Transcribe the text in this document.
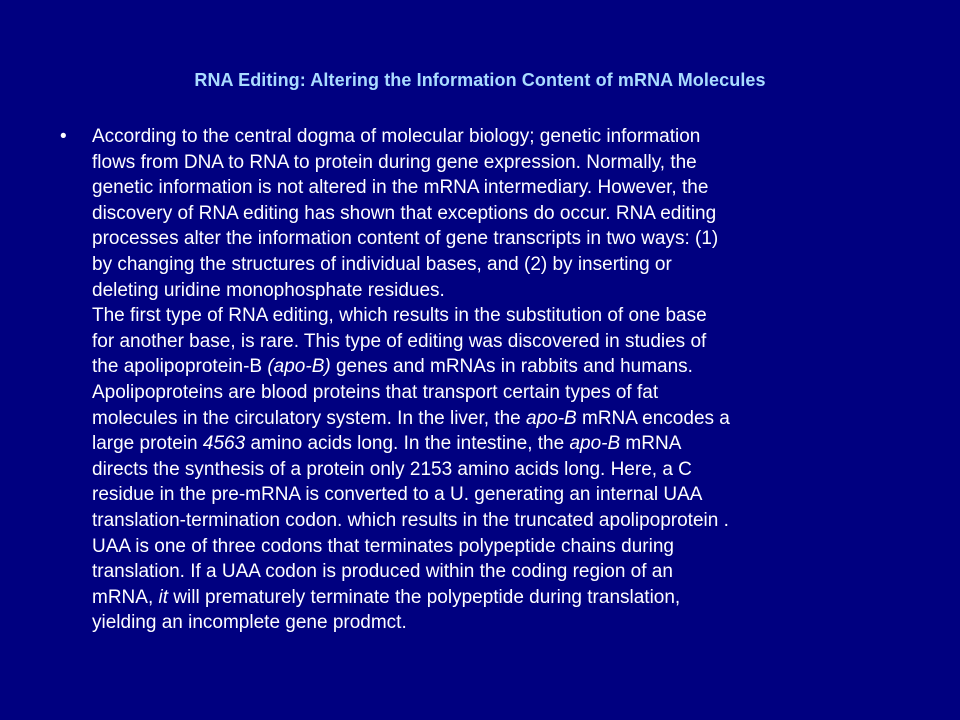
RNA Editing: Altering the Information Content of mRNA Molecules
• According to the central dogma of molecular biology; genetic information
flows from DNA to RNA to protein during gene expression. Normally, the
genetic information is not altered in the mRNA intermediary. However, the
discovery of RNA editing has shown that exceptions do occur. RNA editing
processes alter the information content of gene transcripts in two ways: (1)
by changing the structures of individual bases, and (2) by inserting or
deleting uridine monophosphate residues.
The first type of RNA editing, which results in the substitution of one base
for another base, is rare. This type of editing was discovered in studies of
the apolipoprotein-B (apo-B) genes and mRNAs in rabbits and humans.
Apolipoproteins are blood proteins that transport certain types of fat
molecules in the circulatory system. In the liver, the apo-B mRNA encodes a
large protein 4563 amino acids long. In the intestine, the apo-B mRNA
directs the synthesis of a protein only 2153 amino acids long. Here, a C
residue in the pre-mRNA is converted to a U. generating an internal UAA
translation-termination codon. which results in the truncated apolipoprotein .
UAA is one of three codons that terminates polypeptide chains during
translation. If a UAA codon is produced within the coding region of an
mRNA, it will prematurely terminate the polypeptide during translation,
yielding an incomplete gene prodmct.
